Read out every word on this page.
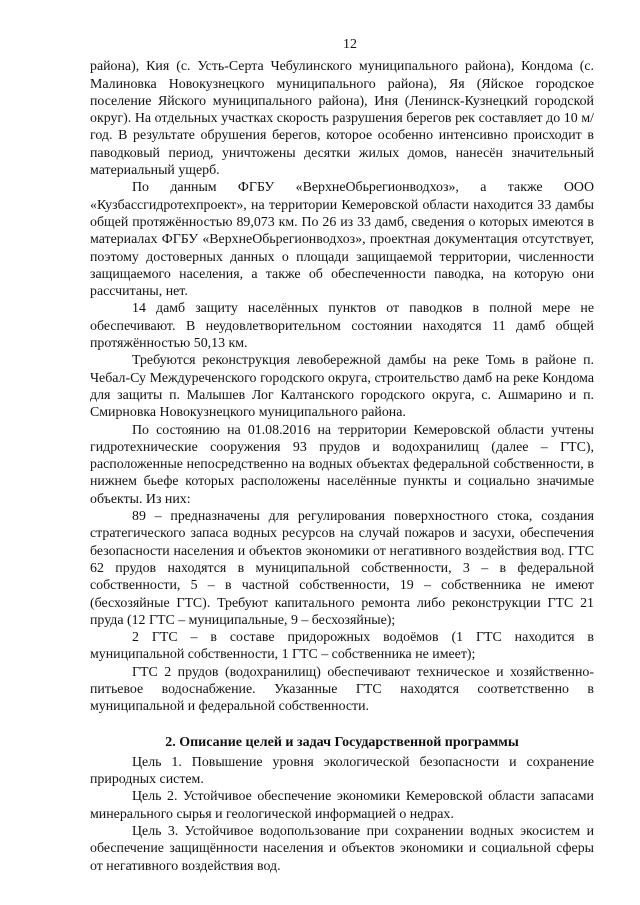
12

района), Кия (с. Усть-Серта Чебулинского муниципального района), Кондома (с. Малиновка Новокузнецкого муниципального района), Яя (Яйское городское поселение Яйского муниципального района), Иня (Ленинск-Кузнецкий городской округ). На отдельных участках скорость разрушения берегов рек составляет до 10 м/год. В результате обрушения берегов, которое особенно интенсивно происходит в паводковый период, уничтожены десятки жилых домов, нанесён значительный материальный ущерб.

По данным ФГБУ «ВерхнеОбьрегионводхоз», а также ООО «Кузбассгидротехпроект», на территории Кемеровской области находится 33 дамбы общей протяжённостью 89,073 км. По 26 из 33 дамб, сведения о которых имеются в материалах ФГБУ «ВерхнеОбьрегионводхоз», проектная документация отсутствует, поэтому достоверных данных о площади защищаемой территории, численности защищаемого населения, а также об обеспеченности паводка, на которую они рассчитаны, нет.

14 дамб защиту населённых пунктов от паводков в полной мере не обеспечивают. В неудовлетворительном состоянии находятся 11 дамб общей протяжённостью 50,13 км.

Требуются реконструкция левобережной дамбы на реке Томь в районе п. Чебал-Су Междуреченского городского округа, строительство дамб на реке Кондома для защиты п. Малышев Лог Калтанского городского округа, с. Ашмарино и п. Смирновка Новокузнецкого муниципального района.

По состоянию на 01.08.2016 на территории Кемеровской области учтены гидротехнические сооружения 93 прудов и водохранилищ (далее – ГТС), расположенные непосредственно на водных объектах федеральной собственности, в нижнем бьефе которых расположены населённые пункты и социально значимые объекты. Из них:

89 – предназначены для регулирования поверхностного стока, создания стратегического запаса водных ресурсов на случай пожаров и засухи, обеспечения безопасности населения и объектов экономики от негативного воздействия вод. ГТС 62 прудов находятся в муниципальной собственности, 3 – в федеральной собственности, 5 – в частной собственности, 19 – собственника не имеют (бесхозяйные ГТС). Требуют капитального ремонта либо реконструкции ГТС 21 пруда (12 ГТС – муниципальные, 9 – бесхозяйные);

2 ГТС – в составе придорожных водоёмов (1 ГТС находится в муниципальной собственности, 1 ГТС – собственника не имеет);

ГТС 2 прудов (водохранилищ) обеспечивают техническое и хозяйственно-питьевое водоснабжение. Указанные ГТС находятся соответственно в муниципальной и федеральной собственности.

2. Описание целей и задач Государственной программы

Цель 1. Повышение уровня экологической безопасности и сохранение природных систем.

Цель 2. Устойчивое обеспечение экономики Кемеровской области запасами минерального сырья и геологической информацией о недрах.

Цель 3. Устойчивое водопользование при сохранении водных экосистем и обеспечение защищённости населения и объектов экономики и социальной сферы от негативного воздействия вод.
